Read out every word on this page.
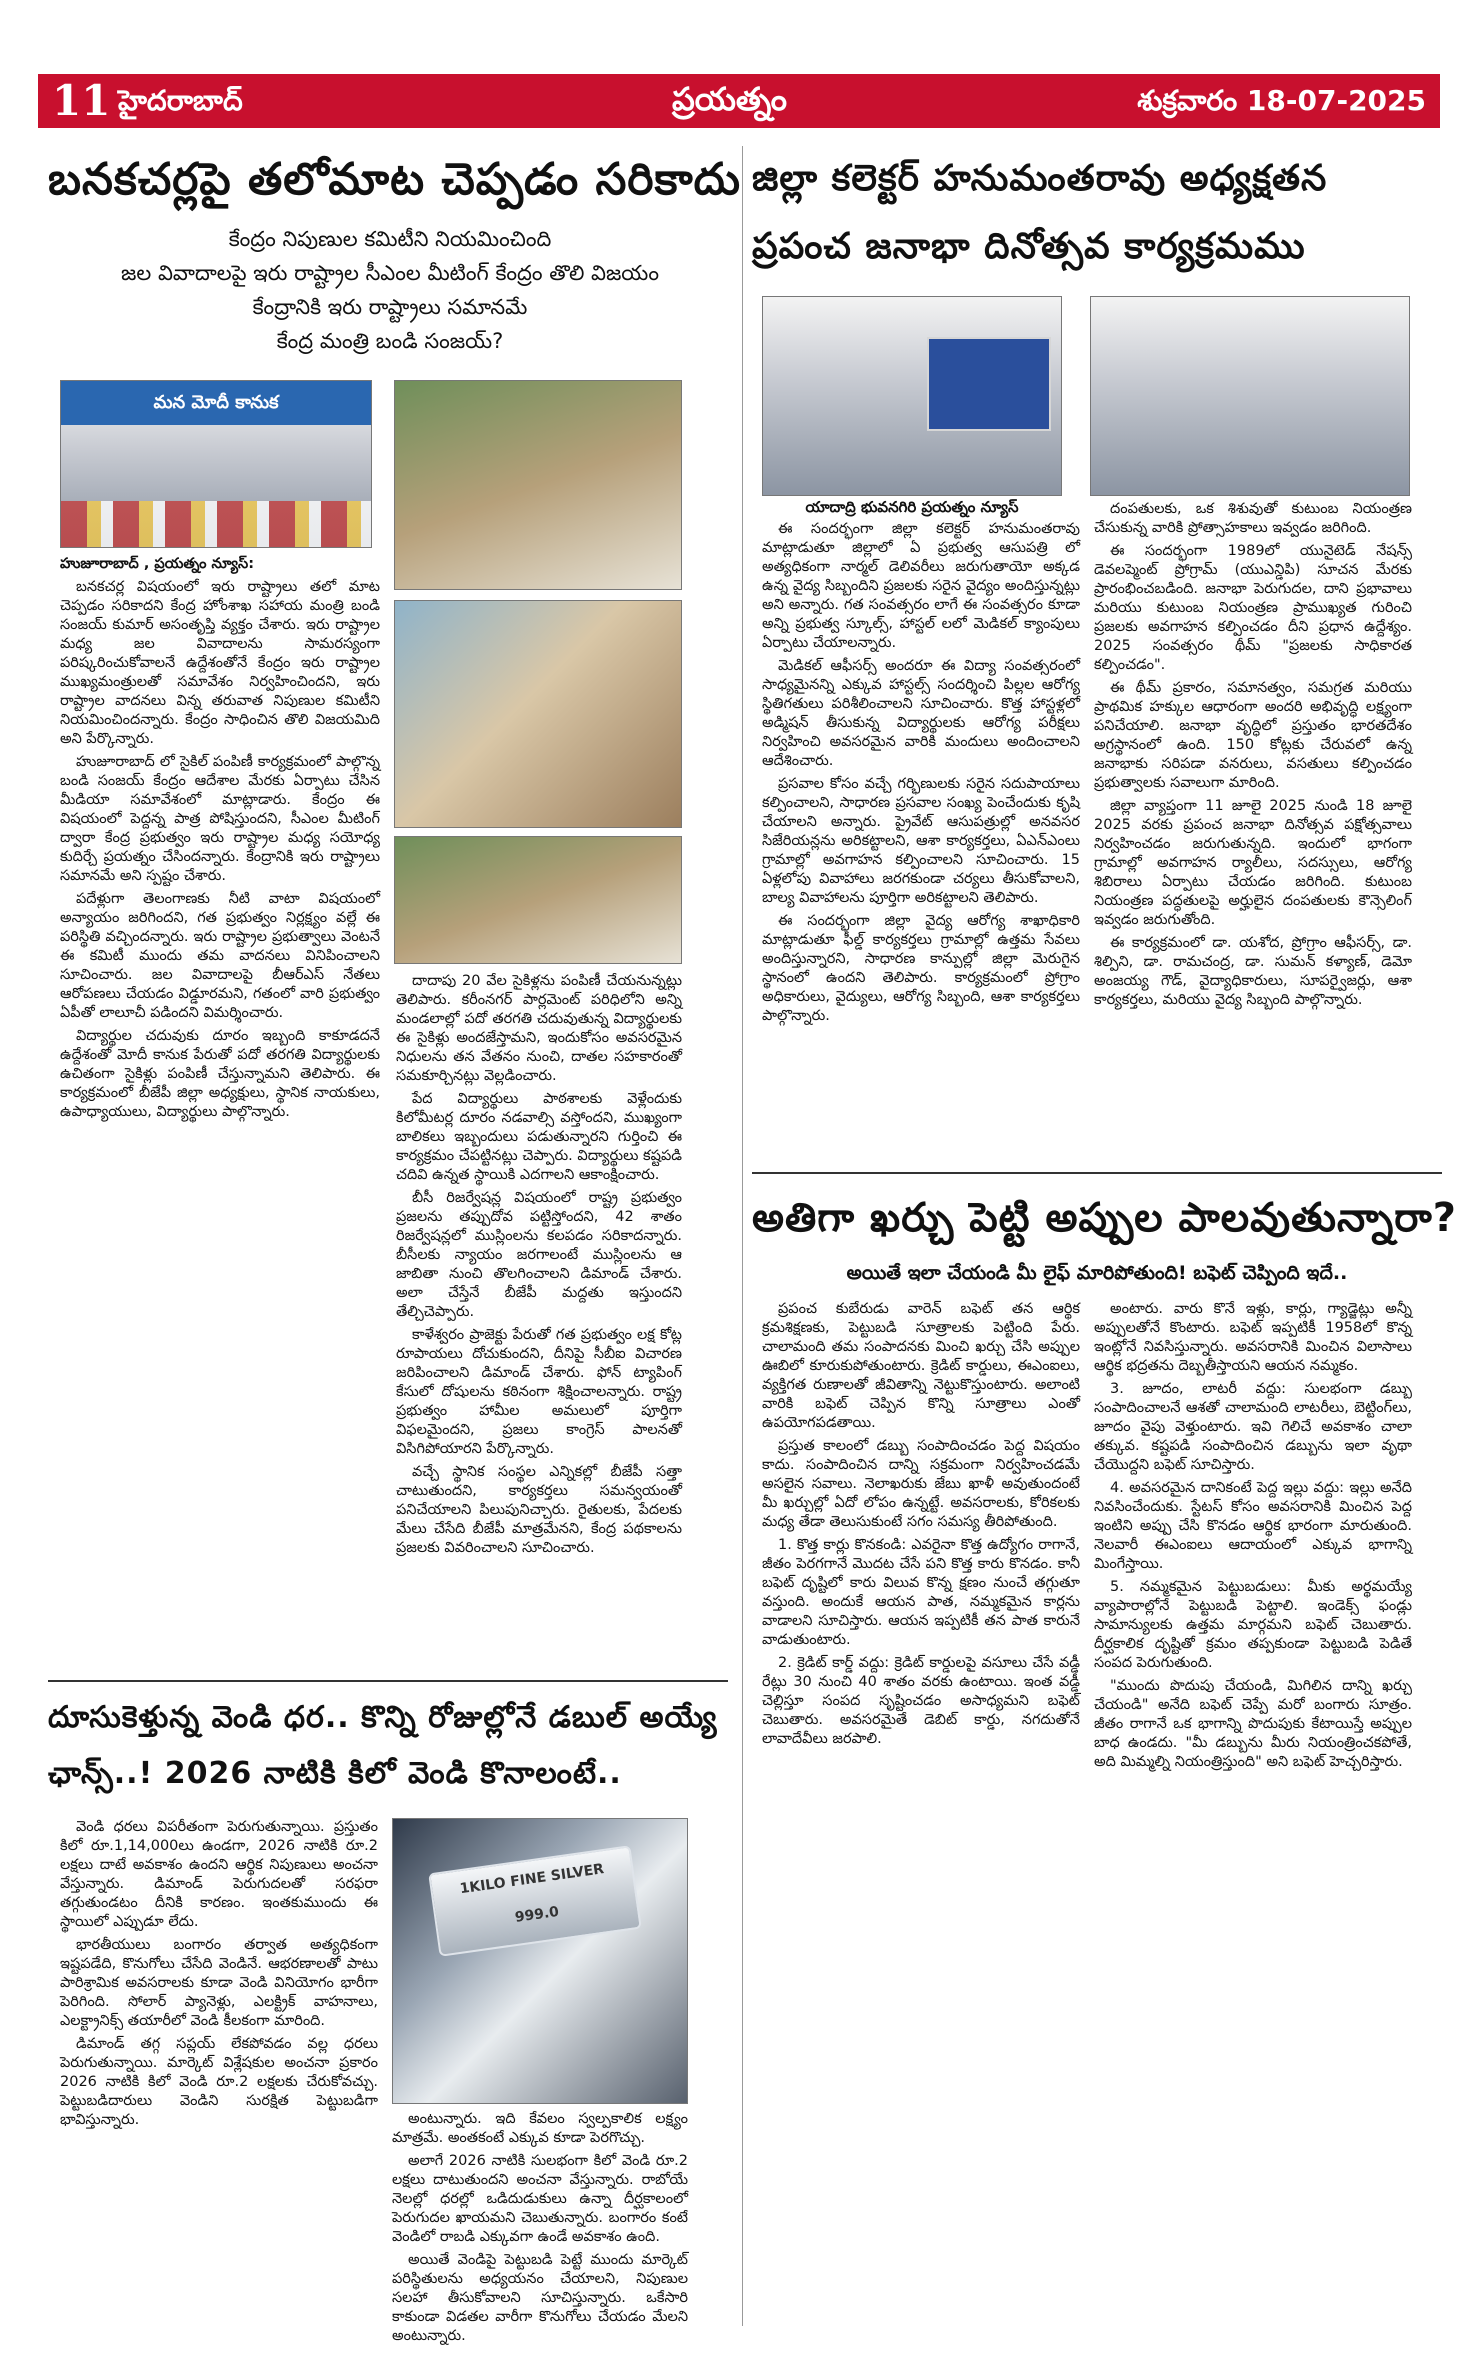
11 హైదరాబాద్	ప్రయత్నం	శుక్రవారం 18-07-2025
బనకచర్లపై తలోమాట చెప్పడం సరికాదు
కేంద్రం నిపుణుల కమిటీని నియమించింది
జల వివాదాలపై ఇరు రాష్ట్రాల సీఎంల మీటింగ్ కేంద్రం తొలి విజయం
కేంద్రానికి ఇరు రాష్ట్రాలు సమానమే
కేంద్ర మంత్రి బండి సంజయ్?
మన మోదీ కానుక
హుజూరాబాద్ , ప్రయత్నం న్యూస్:

బనకచర్ల విషయంలో ఇరు రాష్ట్రాలు తలో మాట చెప్పడం సరికాదని కేంద్ర హోంశాఖ సహాయ మంత్రి బండి సంజయ్ కుమార్ అసంతృప్తి వ్యక్తం చేశారు. ఇరు రాష్ట్రాల మధ్య జల వివాదాలను సామరస్యంగా పరిష్కరించుకోవాలనే ఉద్దేశంతోనే కేంద్రం ఇరు రాష్ట్రాల ముఖ్యమంత్రులతో సమావేశం నిర్వహించిందని, ఇరు రాష్ట్రాల వాదనలు విన్న తరువాత నిపుణుల కమిటీని నియమించిందన్నారు. కేంద్రం సాధించిన తొలి విజయమిది అని పేర్కొన్నారు.

హుజూరాబాద్ లో సైకిల్ పంపిణీ కార్యక్రమంలో పాల్గొన్న బండి సంజయ్ కేంద్రం ఆదేశాల మేరకు ఏర్పాటు చేసిన మీడియా సమావేశంలో మాట్లాడారు. కేంద్రం ఈ విషయంలో పెద్దన్న పాత్ర పోషిస్తుందని, సీఎంల మీటింగ్ ద్వారా కేంద్ర ప్రభుత్వం ఇరు రాష్ట్రాల మధ్య సయోధ్య కుదిర్చే ప్రయత్నం చేసిందన్నారు. కేంద్రానికి ఇరు రాష్ట్రాలు సమానమే అని స్పష్టం చేశారు.

పదేళ్లుగా తెలంగాణకు నీటి వాటా విషయంలో అన్యాయం జరిగిందని, గత ప్రభుత్వం నిర్లక్ష్యం వల్లే ఈ పరిస్థితి వచ్చిందన్నారు. ఇరు రాష్ట్రాల ప్రభుత్వాలు వెంటనే ఈ కమిటీ ముందు తమ వాదనలు వినిపించాలని సూచించారు. జల వివాదాలపై బీఆర్ఎస్ నేతలు ఆరోపణలు చేయడం విడ్డూరమని, గతంలో వారి ప్రభుత్వం ఏపీతో లాలూచీ పడిందని విమర్శించారు.

విద్యార్థుల చదువుకు దూరం ఇబ్బంది కాకూడదనే ఉద్దేశంతో మోదీ కానుక పేరుతో పదో తరగతి విద్యార్థులకు ఉచితంగా సైకిళ్లు పంపిణీ చేస్తున్నామని తెలిపారు. ఈ కార్యక్రమంలో బీజేపీ జిల్లా అధ్యక్షులు, స్థానిక నాయకులు, ఉపాధ్యాయులు, విద్యార్థులు పాల్గొన్నారు.

దాదాపు 20 వేల సైకిళ్లను పంపిణీ చేయనున్నట్లు తెలిపారు. కరీంనగర్ పార్లమెంట్ పరిధిలోని అన్ని మండలాల్లో పదో తరగతి చదువుతున్న విద్యార్థులకు ఈ సైకిళ్లు అందజేస్తామని, ఇందుకోసం అవసరమైన నిధులను తన వేతనం నుంచి, దాతల సహకారంతో సమకూర్చినట్లు వెల్లడించారు.

పేద విద్యార్థులు పాఠశాలకు వెళ్లేందుకు కిలోమీటర్ల దూరం నడవాల్సి వస్తోందని, ముఖ్యంగా బాలికలు ఇబ్బందులు పడుతున్నారని గుర్తించి ఈ కార్యక్రమం చేపట్టినట్లు చెప్పారు. విద్యార్థులు కష్టపడి చదివి ఉన్నత స్థాయికి ఎదగాలని ఆకాంక్షించారు.

బీసీ రిజర్వేషన్ల విషయంలో రాష్ట్ర ప్రభుత్వం ప్రజలను తప్పుదోవ పట్టిస్తోందని, 42 శాతం రిజర్వేషన్లలో ముస్లింలను కలపడం సరికాదన్నారు. బీసీలకు న్యాయం జరగాలంటే ముస్లింలను ఆ జాబితా నుంచి తొలగించాలని డిమాండ్ చేశారు. అలా చేస్తేనే బీజేపీ మద్దతు ఇస్తుందని తేల్చిచెప్పారు.

కాళేశ్వరం ప్రాజెక్టు పేరుతో గత ప్రభుత్వం లక్ష కోట్ల రూపాయలు దోచుకుందని, దీనిపై సీబీఐ విచారణ జరిపించాలని డిమాండ్ చేశారు. ఫోన్ ట్యాపింగ్ కేసులో దోషులను కఠినంగా శిక్షించాలన్నారు. రాష్ట్ర ప్రభుత్వం హామీల అమలులో పూర్తిగా విఫలమైందని, ప్రజలు కాంగ్రెస్ పాలనతో విసిగిపోయారని పేర్కొన్నారు.

వచ్చే స్థానిక సంస్థల ఎన్నికల్లో బీజేపీ సత్తా చాటుతుందని, కార్యకర్తలు సమన్వయంతో పనిచేయాలని పిలుపునిచ్చారు. రైతులకు, పేదలకు మేలు చేసేది బీజేపీ మాత్రమేనని, కేంద్ర పథకాలను ప్రజలకు వివరించాలని సూచించారు.

దూసుకెళ్తున్న వెండి ధర.. కొన్ని రోజుల్లోనే డబుల్ అయ్యే
ఛాన్స్..! 2026 నాటికి కిలో వెండి కొనాలంటే..

వెండి ధరలు విపరీతంగా పెరుగుతున్నాయి. ప్రస్తుతం కిలో రూ.1,14,000లు ఉండగా, 2026 నాటికి రూ.2 లక్షలు దాటే అవకాశం ఉందని ఆర్థిక నిపుణులు అంచనా వేస్తున్నారు. డిమాండ్ పెరుగుదలతో సరఫరా తగ్గుతుండటం దీనికి కారణం. ఇంతకుముందు ఈ స్థాయిలో ఎప్పుడూ లేదు.

భారతీయులు బంగారం తర్వాత అత్యధికంగా ఇష్టపడేది, కొనుగోలు చేసేది వెండినే. ఆభరణాలతో పాటు పారిశ్రామిక అవసరాలకు కూడా వెండి వినియోగం భారీగా పెరిగింది. సోలార్ ప్యానెళ్లు, ఎలక్ట్రిక్ వాహనాలు, ఎలక్ట్రానిక్స్ తయారీలో వెండి కీలకంగా మారింది.

డిమాండ్ తగ్గ సప్లయ్ లేకపోవడం వల్ల ధరలు పెరుగుతున్నాయి. మార్కెట్ విశ్లేషకుల అంచనా ప్రకారం 2026 నాటికి కిలో వెండి రూ.2 లక్షలకు చేరుకోవచ్చు. పెట్టుబడిదారులు వెండిని సురక్షిత పెట్టుబడిగా భావిస్తున్నారు.

1KILO FINE SILVER
999.0

అంటున్నారు. ఇది కేవలం స్వల్పకాలిక లక్ష్యం మాత్రమే. అంతకంటే ఎక్కువ కూడా పెరగొచ్చు.

అలాగే 2026 నాటికి సులభంగా కిలో వెండి రూ.2 లక్షలు దాటుతుందని అంచనా వేస్తున్నారు. రాబోయే నెలల్లో ధరల్లో ఒడిదుడుకులు ఉన్నా దీర్ఘకాలంలో పెరుగుదల ఖాయమని చెబుతున్నారు. బంగారం కంటే వెండిలో రాబడి ఎక్కువగా ఉండే అవకాశం ఉంది.

అయితే వెండిపై పెట్టుబడి పెట్టే ముందు మార్కెట్ పరిస్థితులను అధ్యయనం చేయాలని, నిపుణుల సలహా తీసుకోవాలని సూచిస్తున్నారు. ఒకేసారి కాకుండా విడతల వారీగా కొనుగోలు చేయడం మేలని అంటున్నారు.

జిల్లా కలెక్టర్ హనుమంతరావు అధ్యక్షతన
ప్రపంచ జనాభా దినోత్సవ కార్యక్రమము
యాదాద్రి భువనగిరి ప్రయత్నం న్యూస్

ఈ సందర్భంగా జిల్లా కలెక్టర్ హనుమంతరావు మాట్లాడుతూ జిల్లాలో ఏ ప్రభుత్వ ఆసుపత్రి లో అత్యధికంగా నార్మల్ డెలివరీలు జరుగుతాయో అక్కడ ఉన్న వైద్య సిబ్బందిని ప్రజలకు సరైన వైద్యం అందిస్తున్నట్లు అని అన్నారు. గత సంవత్సరం లాగే ఈ సంవత్సరం కూడా అన్ని ప్రభుత్వ స్కూల్స్, హాస్టల్ లలో మెడికల్ క్యాంపులు ఏర్పాటు చేయాలన్నారు.

మెడికల్ ఆఫీసర్స్ అందరూ ఈ విద్యా సంవత్సరంలో సాధ్యమైనన్ని ఎక్కువ హాస్టల్స్ సందర్శించి పిల్లల ఆరోగ్య స్థితిగతులు పరిశీలించాలని సూచించారు. కొత్త హాస్టళ్లలో అడ్మిషన్ తీసుకున్న విద్యార్థులకు ఆరోగ్య పరీక్షలు నిర్వహించి అవసరమైన వారికి మందులు అందించాలని ఆదేశించారు.

ప్రసవాల కోసం వచ్చే గర్భిణులకు సరైన సదుపాయాలు కల్పించాలని, సాధారణ ప్రసవాల సంఖ్య పెంచేందుకు కృషి చేయాలని అన్నారు. ప్రైవేట్ ఆసుపత్రుల్లో అనవసర సిజేరియన్లను అరికట్టాలని, ఆశా కార్యకర్తలు, ఏఎన్ఎంలు గ్రామాల్లో అవగాహన కల్పించాలని సూచించారు. 15 ఏళ్లలోపు వివాహాలు జరగకుండా చర్యలు తీసుకోవాలని, బాల్య వివాహాలను పూర్తిగా అరికట్టాలని తెలిపారు.

ఈ సందర్భంగా జిల్లా వైద్య ఆరోగ్య శాఖాధికారి మాట్లాడుతూ ఫీల్డ్ కార్యకర్తలు గ్రామాల్లో ఉత్తమ సేవలు అందిస్తున్నారని, సాధారణ కాన్పుల్లో జిల్లా మెరుగైన స్థానంలో ఉందని తెలిపారు. కార్యక్రమంలో ప్రోగ్రాం అధికారులు, వైద్యులు, ఆరోగ్య సిబ్బంది, ఆశా కార్యకర్తలు పాల్గొన్నారు.

దంపతులకు, ఒక శిశువుతో కుటుంబ నియంత్రణ చేసుకున్న వారికి ప్రోత్సాహకాలు ఇవ్వడం జరిగింది.

ఈ సందర్భంగా 1989లో యునైటెడ్ నేషన్స్ డెవలప్మెంట్ ప్రోగ్రామ్ (యుఎన్డిపి) సూచన మేరకు ప్రారంభించబడింది. జనాభా పెరుగుదల, దాని ప్రభావాలు మరియు కుటుంబ నియంత్రణ ప్రాముఖ్యత గురించి ప్రజలకు అవగాహన కల్పించడం దీని ప్రధాన ఉద్దేశ్యం. 2025 సంవత్సరం థీమ్ "ప్రజలకు సాధికారత కల్పించడం".

ఈ థీమ్ ప్రకారం, సమానత్వం, సమగ్రత మరియు ప్రాథమిక హక్కుల ఆధారంగా అందరి అభివృద్ధి లక్ష్యంగా పనిచేయాలి. జనాభా వృద్ధిలో ప్రస్తుతం భారతదేశం అగ్రస్థానంలో ఉంది. 150 కోట్లకు చేరువలో ఉన్న జనాభాకు సరిపడా వనరులు, వసతులు కల్పించడం ప్రభుత్వాలకు సవాలుగా మారింది.

జిల్లా వ్యాప్తంగా 11 జూలై 2025 నుండి 18 జూలై 2025 వరకు ప్రపంచ జనాభా దినోత్సవ పక్షోత్సవాలు నిర్వహించడం జరుగుతున్నది. ఇందులో భాగంగా గ్రామాల్లో అవగాహన ర్యాలీలు, సదస్సులు, ఆరోగ్య శిబిరాలు ఏర్పాటు చేయడం జరిగింది. కుటుంబ నియంత్రణ పద్ధతులపై అర్హులైన దంపతులకు కౌన్సెలింగ్ ఇవ్వడం జరుగుతోంది.

ఈ కార్యక్రమంలో డా. యశోద, ప్రోగ్రాం ఆఫీసర్స్, డా. శిల్పిని, డా. రామచంద్ర, డా. సుమన్ కళ్యాణ్, డెమో అంజయ్య గౌడ్, వైద్యాధికారులు, సూపర్వైజర్లు, ఆశా కార్యకర్తలు, మరియు వైద్య సిబ్బంది పాల్గొన్నారు.

అతిగా ఖర్చు పెట్టి అప్పుల పాలవుతున్నారా?
అయితే ఇలా చేయండి మీ లైఫ్ మారిపోతుంది! బఫెట్ చెప్పింది ఇదే..

ప్రపంచ కుబేరుడు వారెన్ బఫెట్ తన ఆర్థిక క్రమశిక్షణకు, పెట్టుబడి సూత్రాలకు పెట్టింది పేరు. చాలామంది తమ సంపాదనకు మించి ఖర్చు చేసి అప్పుల ఊబిలో కూరుకుపోతుంటారు. క్రెడిట్ కార్డులు, ఈఎంఐలు, వ్యక్తిగత రుణాలతో జీవితాన్ని నెట్టుకొస్తుంటారు. అలాంటి వారికి బఫెట్ చెప్పిన కొన్ని సూత్రాలు ఎంతో ఉపయోగపడతాయి.

ప్రస్తుత కాలంలో డబ్బు సంపాదించడం పెద్ద విషయం కాదు. సంపాదించిన దాన్ని సక్రమంగా నిర్వహించడమే అసలైన సవాలు. నెలాఖరుకు జేబు ఖాళీ అవుతుందంటే మీ ఖర్చుల్లో ఏదో లోపం ఉన్నట్టే. అవసరాలకు, కోరికలకు మధ్య తేడా తెలుసుకుంటే సగం సమస్య తీరిపోతుంది.

1. కొత్త కార్లు కొనకండి: ఎవరైనా కొత్త ఉద్యోగం రాగానే, జీతం పెరగగానే మొదట చేసే పని కొత్త కారు కొనడం. కానీ బఫెట్ దృష్టిలో కారు విలువ కొన్న క్షణం నుంచే తగ్గుతూ వస్తుంది. అందుకే ఆయన పాత, నమ్మకమైన కార్లను వాడాలని సూచిస్తారు. ఆయన ఇప్పటికీ తన పాత కారునే వాడుతుంటారు.

2. క్రెడిట్ కార్డ్ వద్దు: క్రెడిట్ కార్డులపై వసూలు చేసే వడ్డీ రేట్లు 30 నుంచి 40 శాతం వరకు ఉంటాయి. ఇంత వడ్డీ చెల్లిస్తూ సంపద సృష్టించడం అసాధ్యమని బఫెట్ చెబుతారు. అవసరమైతే డెబిట్ కార్డు, నగదుతోనే లావాదేవీలు జరపాలి.

అంటారు. వారు కొనే ఇళ్లు, కార్లు, గ్యాడ్జెట్లు అన్నీ అప్పులతోనే కొంటారు. బఫెట్ ఇప్పటికీ 1958లో కొన్న ఇంట్లోనే నివసిస్తున్నారు. అవసరానికి మించిన విలాసాలు ఆర్థిక భద్రతను దెబ్బతీస్తాయని ఆయన నమ్మకం.

3. జూదం, లాటరీ వద్దు: సులభంగా డబ్బు సంపాదించాలనే ఆశతో చాలామంది లాటరీలు, బెట్టింగ్‌లు, జూదం వైపు వెళ్తుంటారు. ఇవి గెలిచే అవకాశం చాలా తక్కువ. కష్టపడి సంపాదించిన డబ్బును ఇలా వృథా చేయొద్దని బఫెట్ సూచిస్తారు.

4. అవసరమైన దానికంటే పెద్ద ఇల్లు వద్దు: ఇల్లు అనేది నివసించేందుకు. స్టేటస్ కోసం అవసరానికి మించిన పెద్ద ఇంటిని అప్పు చేసి కొనడం ఆర్థిక భారంగా మారుతుంది. నెలవారీ ఈఎంఐలు ఆదాయంలో ఎక్కువ భాగాన్ని మింగేస్తాయి.

5. నమ్మకమైన పెట్టుబడులు: మీకు అర్థమయ్యే వ్యాపారాల్లోనే పెట్టుబడి పెట్టాలి. ఇండెక్స్ ఫండ్లు సామాన్యులకు ఉత్తమ మార్గమని బఫెట్ చెబుతారు. దీర్ఘకాలిక దృష్టితో క్రమం తప్పకుండా పెట్టుబడి పెడితే సంపద పెరుగుతుంది.

"ముందు పొదుపు చేయండి, మిగిలిన దాన్ని ఖర్చు చేయండి" అనేది బఫెట్ చెప్పే మరో బంగారు సూత్రం. జీతం రాగానే ఒక భాగాన్ని పొదుపుకు కేటాయిస్తే అప్పుల బాధ ఉండదు. "మీ డబ్బును మీరు నియంత్రించకపోతే, అది మిమ్మల్ని నియంత్రిస్తుంది" అని బఫెట్ హెచ్చరిస్తారు.
